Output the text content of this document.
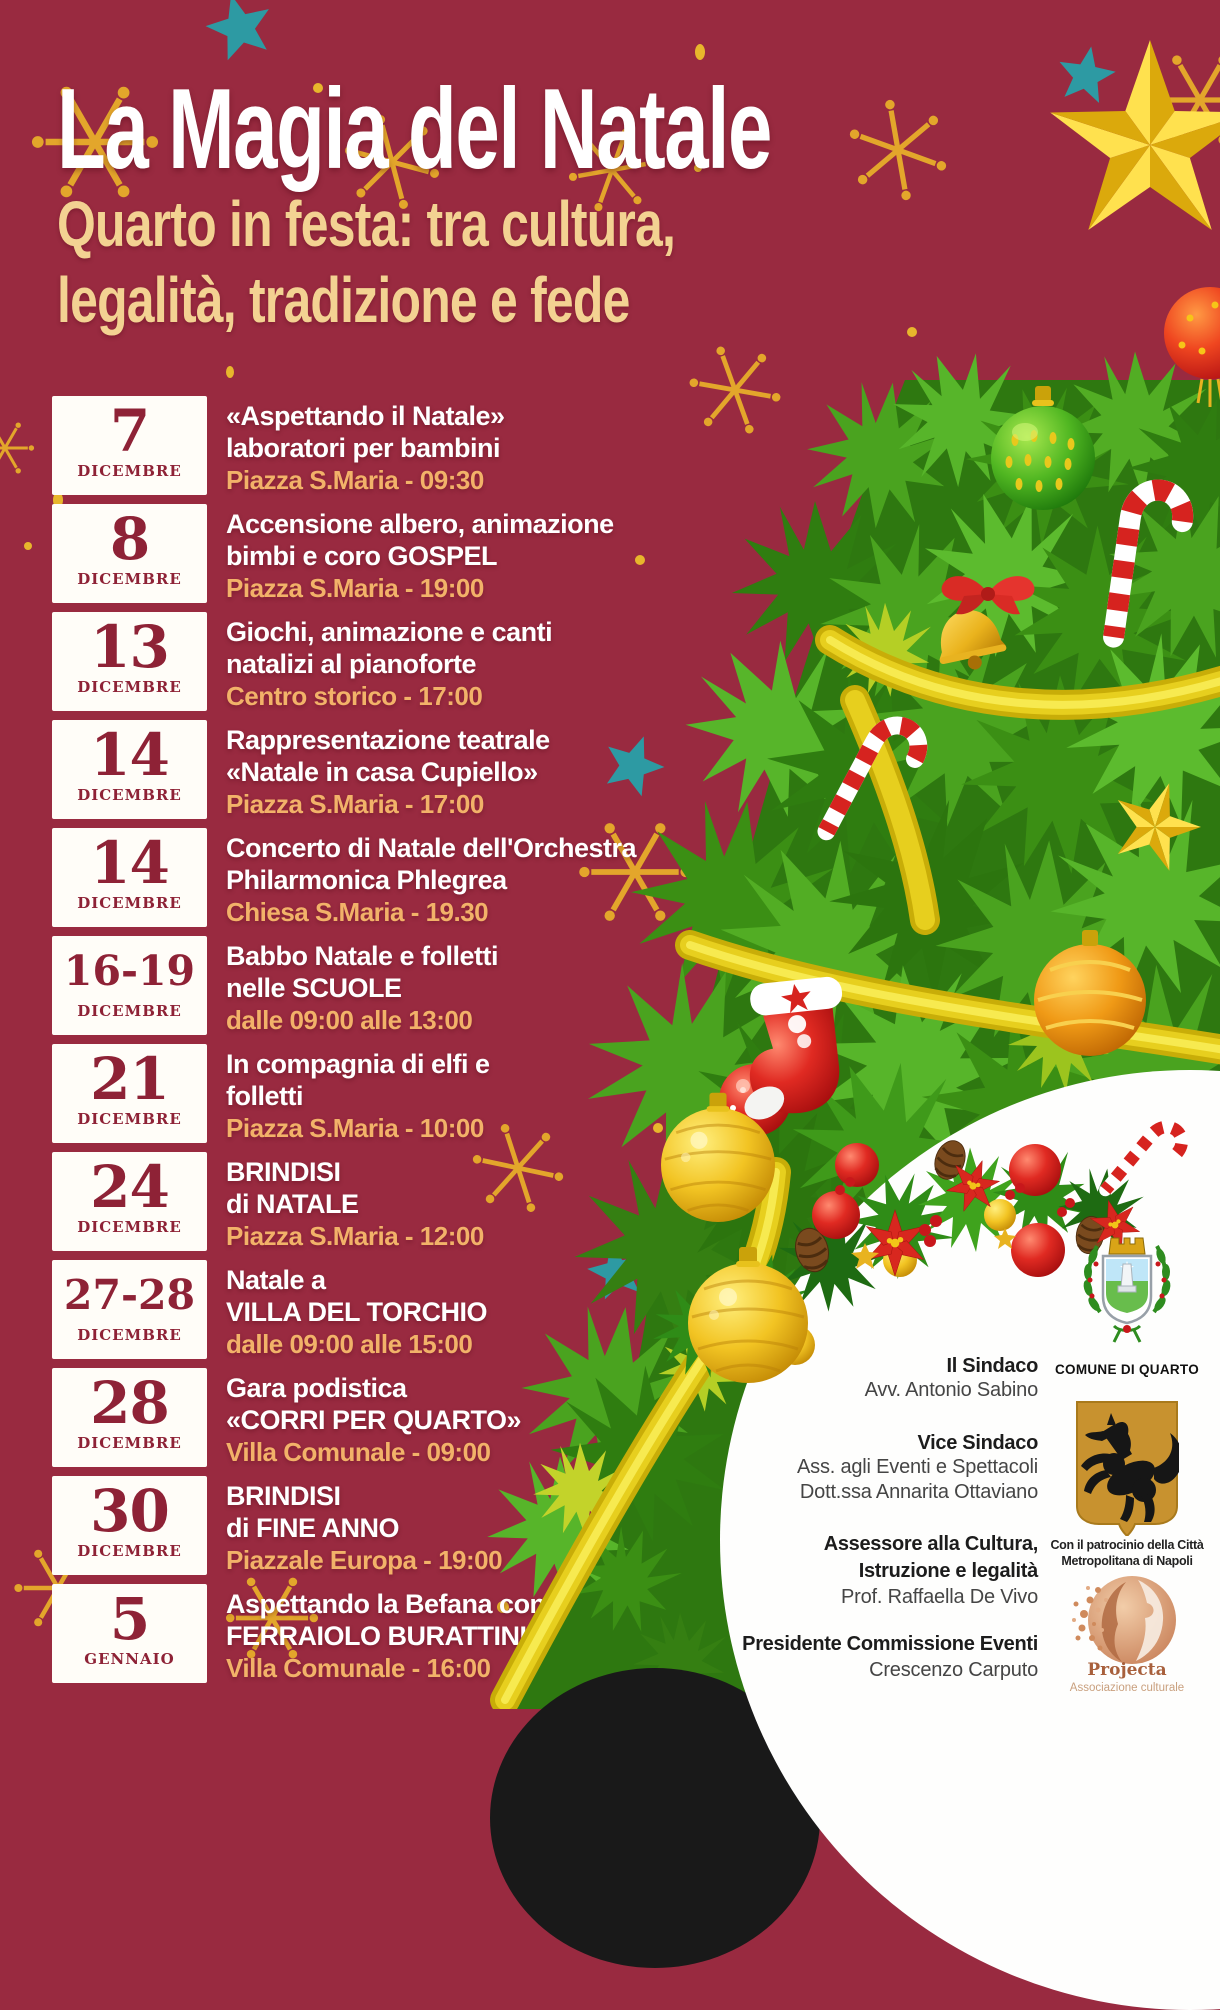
La Magia del Natale
Quarto in festa: tra cultura,
legalità, tradizione e fede
7
DICEMBRE
«Aspettando il Natale»
laboratori per bambini
Piazza S.Maria - 09:30
8
DICEMBRE
Accensione albero, animazione
bimbi e coro GOSPEL
Piazza S.Maria - 19:00
13
DICEMBRE
Giochi, animazione e canti
natalizi al pianoforte
Centro storico - 17:00
14
DICEMBRE
Rappresentazione teatrale
«Natale in casa Cupiello»
Piazza S.Maria - 17:00
14
DICEMBRE
Concerto di Natale dell'Orchestra
Philarmonica Phlegrea
Chiesa S.Maria - 19.30
16-19
DICEMBRE
Babbo Natale e folletti
nelle SCUOLE
dalle 09:00 alle 13:00
21
DICEMBRE
In compagnia di elfi e
folletti
Piazza S.Maria - 10:00
24
DICEMBRE
BRINDISI
di NATALE
Piazza S.Maria - 12:00
27-28
DICEMBRE
Natale a
VILLA DEL TORCHIO
dalle 09:00 alle 15:00
28
DICEMBRE
Gara podistica
«CORRI PER QUARTO»
Villa Comunale - 09:00
30
DICEMBRE
BRINDISI
di FINE ANNO
Piazzale Europa - 19:00
5
GENNAIO
Aspettando la Befana con
FERRAIOLO BURATTINI
Villa Comunale - 16:00
Il Sindaco
Avv. Antonio Sabino
Vice Sindaco
Ass. agli Eventi e Spettacoli
Dott.ssa Annarita Ottaviano
Assessore alla Cultura,
Istruzione e legalità
Prof. Raffaella De Vivo
Presidente Commissione Eventi
Crescenzo Carputo
COMUNE DI QUARTO
Con il patrocinio della Città
Metropolitana di Napoli
Projecta
Associazione culturale
